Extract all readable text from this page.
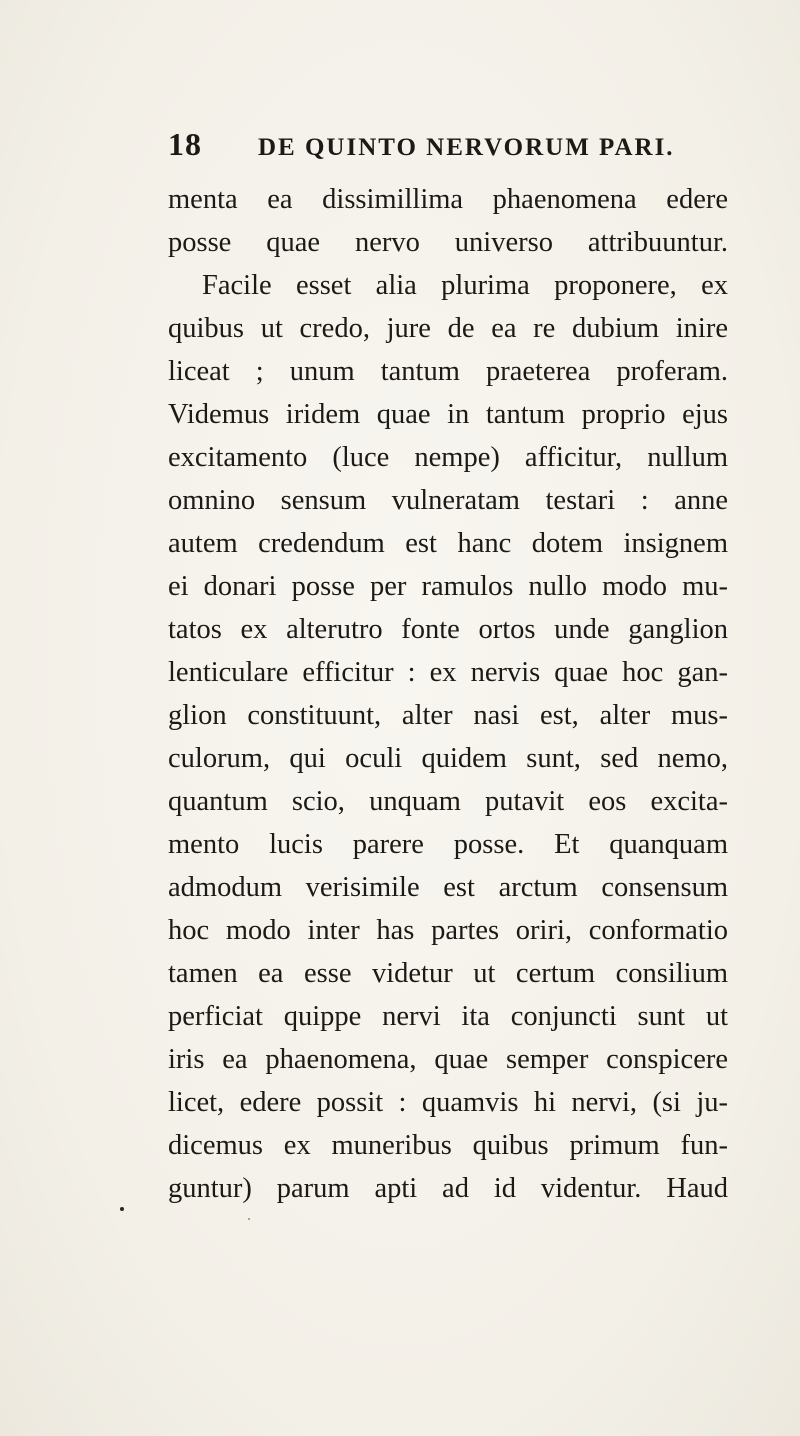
18 DE QUINTO NERVORUM PARI.
menta ea dissimillima phaenomena edere
posse quae nervo universo attribuuntur.
Facile esset alia plurima proponere, ex
quibus ut credo, jure de ea re dubium inire
liceat ; unum tantum praeterea proferam.
Videmus iridem quae in tantum proprio ejus
excitamento (luce nempe) afficitur, nullum
omnino sensum vulneratam testari : anne
autem credendum est hanc dotem insignem
ei donari posse per ramulos nullo modo mu-
tatos ex alterutro fonte ortos unde ganglion
lenticulare efficitur : ex nervis quae hoc gan-
glion constituunt, alter nasi est, alter mus-
culorum, qui oculi quidem sunt, sed nemo,
quantum scio, unquam putavit eos excita-
mento lucis parere posse. Et quanquam
admodum verisimile est arctum consensum
hoc modo inter has partes oriri, conformatio
tamen ea esse videtur ut certum consilium
perficiat quippe nervi ita conjuncti sunt ut
iris ea phaenomena, quae semper conspicere
licet, edere possit : quamvis hi nervi, (si ju-
dicemus ex muneribus quibus primum fun-
guntur) parum apti ad id videntur. Haud
